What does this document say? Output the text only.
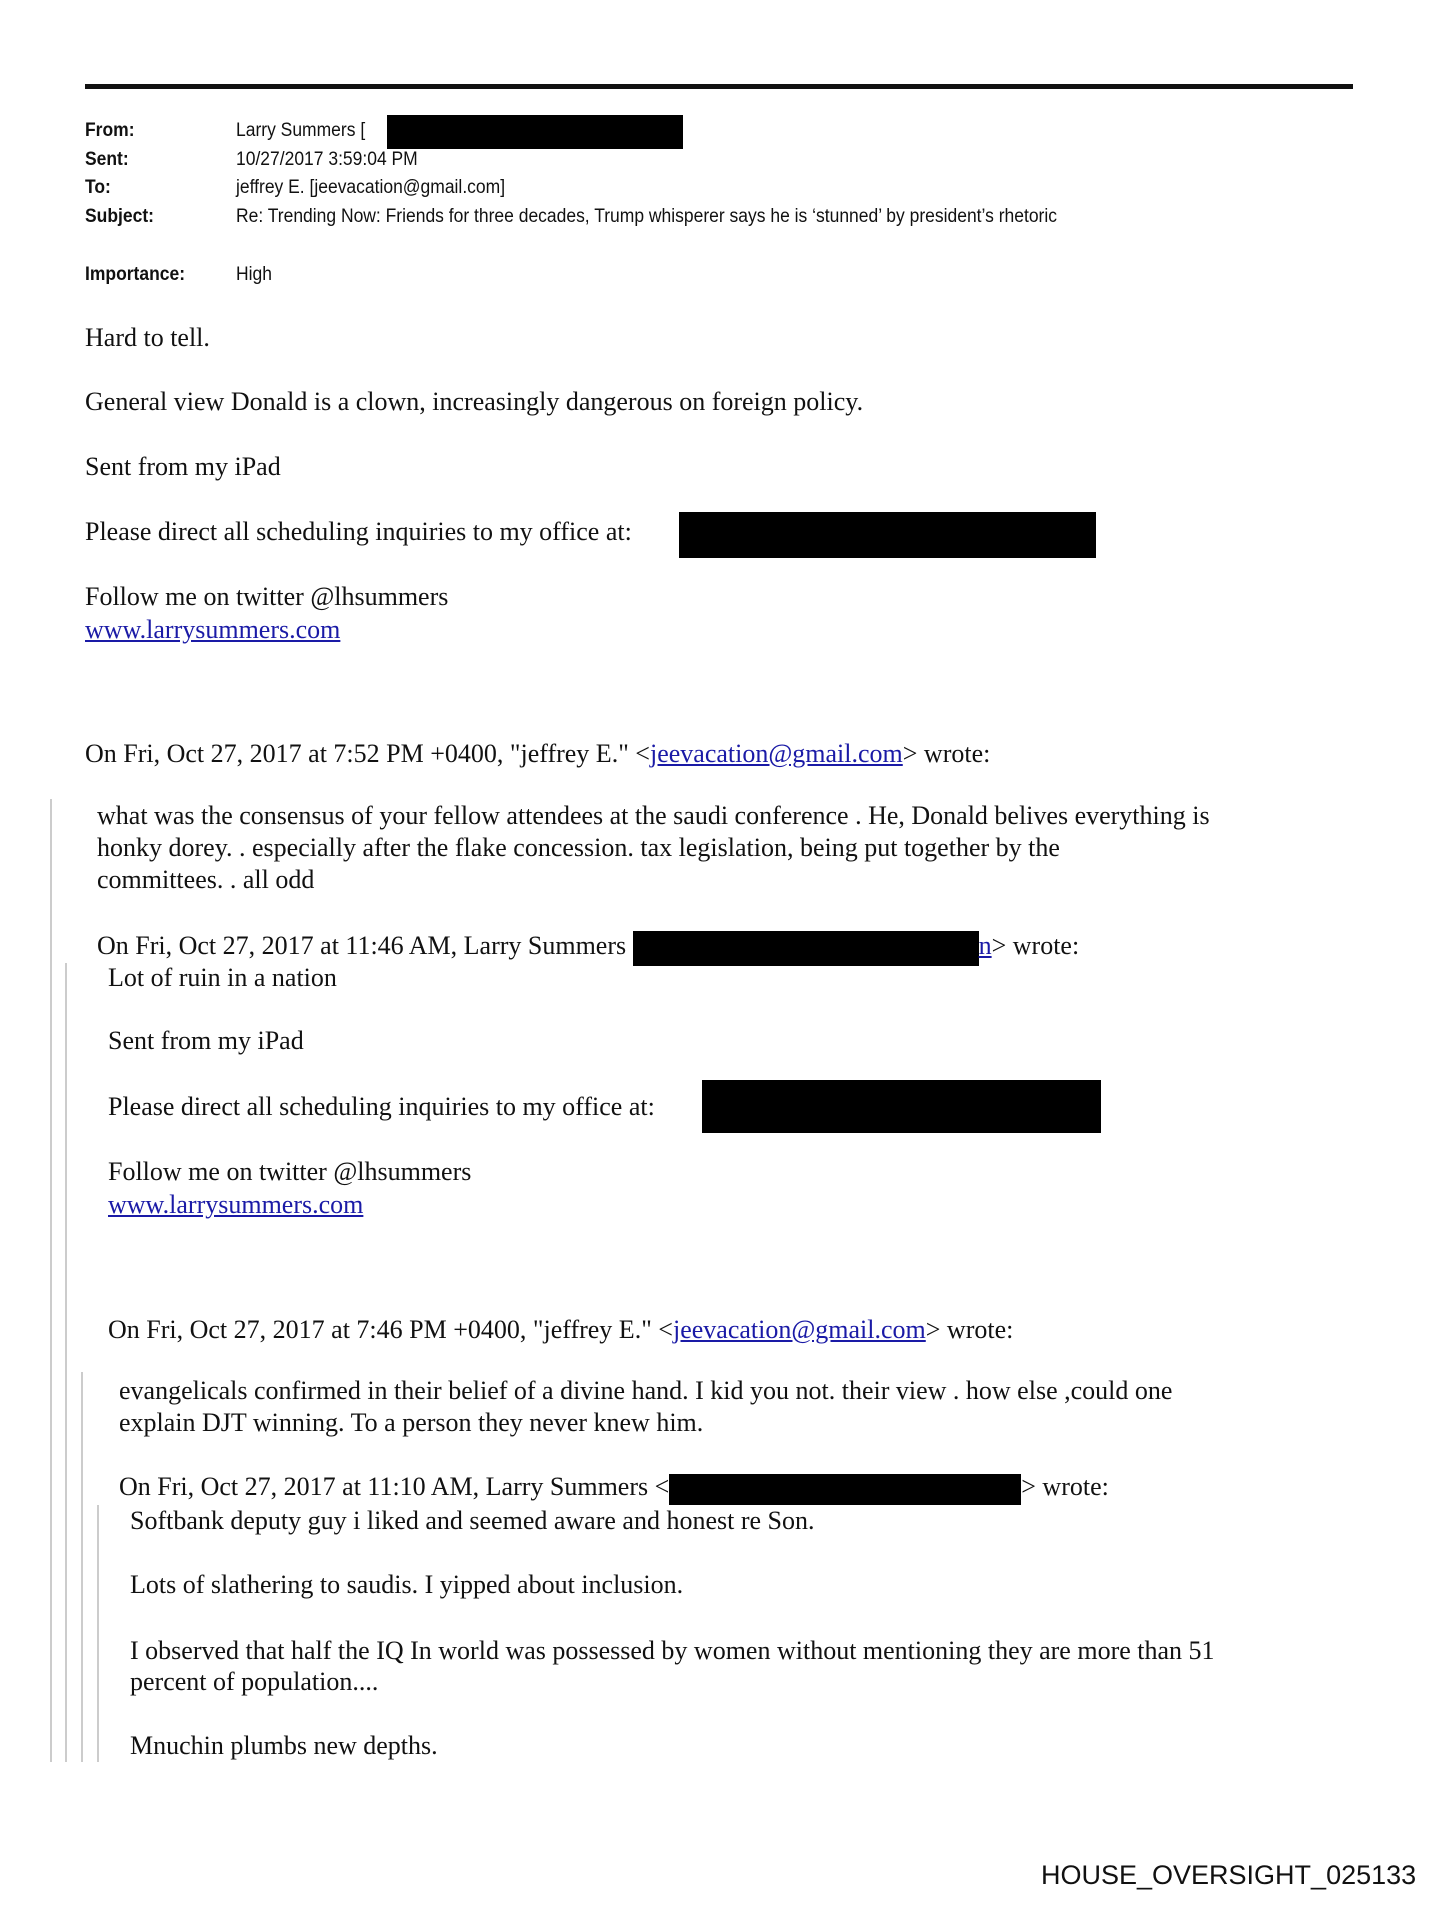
From:	Larry Summers [
Sent:	10/27/2017 3:59:04 PM
To:	jeffrey E. [jeevacation@gmail.com]
Subject:	Re: Trending Now: Friends for three decades, Trump whisperer says he is ‘stunned’ by president’s rhetoric
Importance:	High
Hard to tell.
General view Donald is a clown, increasingly dangerous on foreign policy.
Sent from my iPad
Please direct all scheduling inquiries to my office at:
Follow me on twitter @lhsummers
www.larrysummers.com
On Fri, Oct 27, 2017 at 7:52 PM +0400, "jeffrey E." <jeevacation@gmail.com> wrote:
what was the consensus of your fellow attendees at the saudi conference . He, Donald belives everything is
honky dorey. . especially after the flake concession. tax legislation, being put together by the
committees. . all odd
On Fri, Oct 27, 2017 at 11:46 AM, Larry Summers	n> wrote:
Lot of ruin in a nation
Sent from my iPad
Please direct all scheduling inquiries to my office at:
Follow me on twitter @lhsummers
www.larrysummers.com
On Fri, Oct 27, 2017 at 7:46 PM +0400, "jeffrey E." <jeevacation@gmail.com> wrote:
evangelicals confirmed in their belief of a divine hand. I kid you not. their view . how else ,could one
explain DJT winning. To a person they never knew him.
On Fri, Oct 27, 2017 at 11:10 AM, Larry Summers <	> wrote:
Softbank deputy guy i liked and seemed aware and honest re Son.
Lots of slathering to saudis. I yipped about inclusion.
I observed that half the IQ In world was possessed by women without mentioning they are more than 51
percent of population....
Mnuchin plumbs new depths.
HOUSE_OVERSIGHT_025133
